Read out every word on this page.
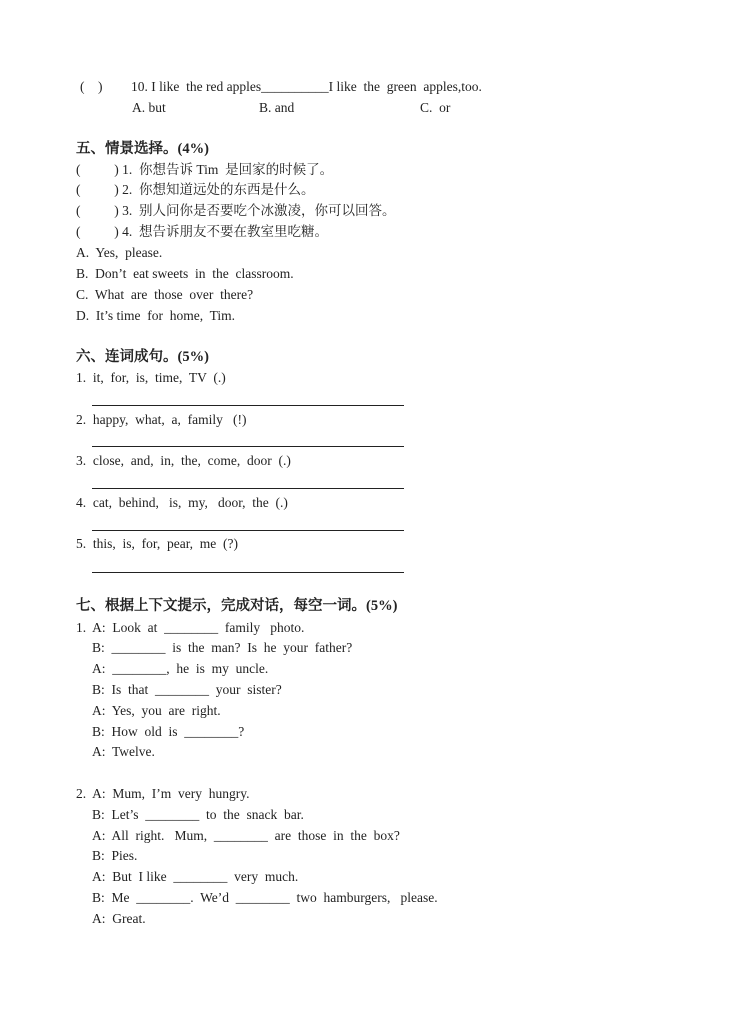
(    ) 10. I like  the red apples__________I like  the  green  apples,too.
A. but	B. and	C.  or
五、情景选择。(4%)
(          ) 1.  你想告诉 Tim  是回家的时候了。
(          ) 2.  你想知道远处的东西是什么。
(          ) 3.  别人问你是否要吃个冰激凌，你可以回答。
(          ) 4.  想告诉朋友不要在教室里吃糖。
A.  Yes,  please.
B.  Don’t  eat sweets  in  the  classroom.
C.  What  are  those  over  there?
D.  It’s time  for  home,  Tim.
六、连词成句。(5%)
1.  it,  for,  is,  time,  TV  (.)
2.  happy,  what,  a,  family   (!)
3.  close,  and,  in,  the,  come,  door  (.)
4.  cat,  behind,   is,  my,   door,  the  (.)
5.  this,  is,  for,  pear,  me  (?)
七、根据上下文提示，完成对话，每空一词。(5%)
1.  A:  Look  at  ________  family   photo.
B:  ________  is  the  man?  Is  he  your  father?
A:  ________,  he  is  my  uncle.
B:  Is  that  ________  your  sister?
A:  Yes,  you  are  right.
B:  How  old  is  ________?
A:  Twelve.
2.  A:  Mum,  I’m  very  hungry.
B:  Let’s  ________  to  the  snack  bar.
A:  All  right.   Mum,  ________  are  those  in  the  box?
B:  Pies.
A:  But  I like  ________  very  much.
B:  Me  ________.  We’d  ________  two  hamburgers,   please.
A:  Great.
